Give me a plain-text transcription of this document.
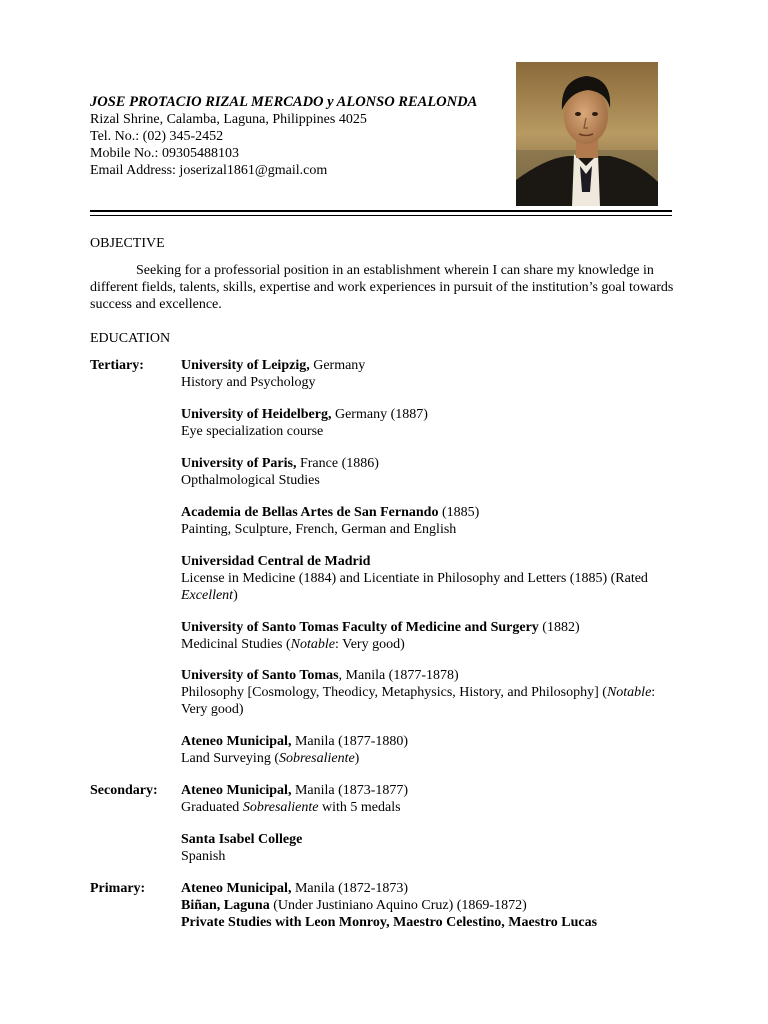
JOSE PROTACIO RIZAL MERCADO y ALONSO REALONDA
Rizal Shrine, Calamba, Laguna, Philippines 4025
Tel. No.: (02) 345-2452
Mobile No.: 09305488103
Email Address: joserizal1861@gmail.com
OBJECTIVE
Seeking for a professorial position in an establishment wherein I can share my knowledge in different fields, talents, skills, expertise and work experiences in pursuit of the institution’s goal towards success and excellence.
EDUCATION
Tertiary:	University of Leipzig, Germany
History and Psychology
University of Heidelberg, Germany (1887)
Eye specialization course
University of Paris, France (1886)
Opthalmological Studies
Academia de Bellas Artes de San Fernando (1885)
Painting, Sculpture, French, German and English
Universidad Central de Madrid
License in Medicine (1884) and Licentiate in Philosophy and Letters (1885) (Rated Excellent)
University of Santo Tomas Faculty of Medicine and Surgery (1882)
Medicinal Studies (Notable: Very good)
University of Santo Tomas, Manila (1877-1878)
Philosophy [Cosmology, Theodicy, Metaphysics, History, and Philosophy] (Notable: Very good)
Ateneo Municipal, Manila (1877-1880)
Land Surveying (Sobresaliente)
Secondary: Ateneo Municipal, Manila (1873-1877)
Graduated Sobresaliente with 5 medals
Santa Isabel College
Spanish
Primary:	Ateneo Municipal, Manila (1872-1873)
Biñan, Laguna (Under Justiniano Aquino Cruz) (1869-1872)
Private Studies with Leon Monroy, Maestro Celestino, Maestro Lucas
